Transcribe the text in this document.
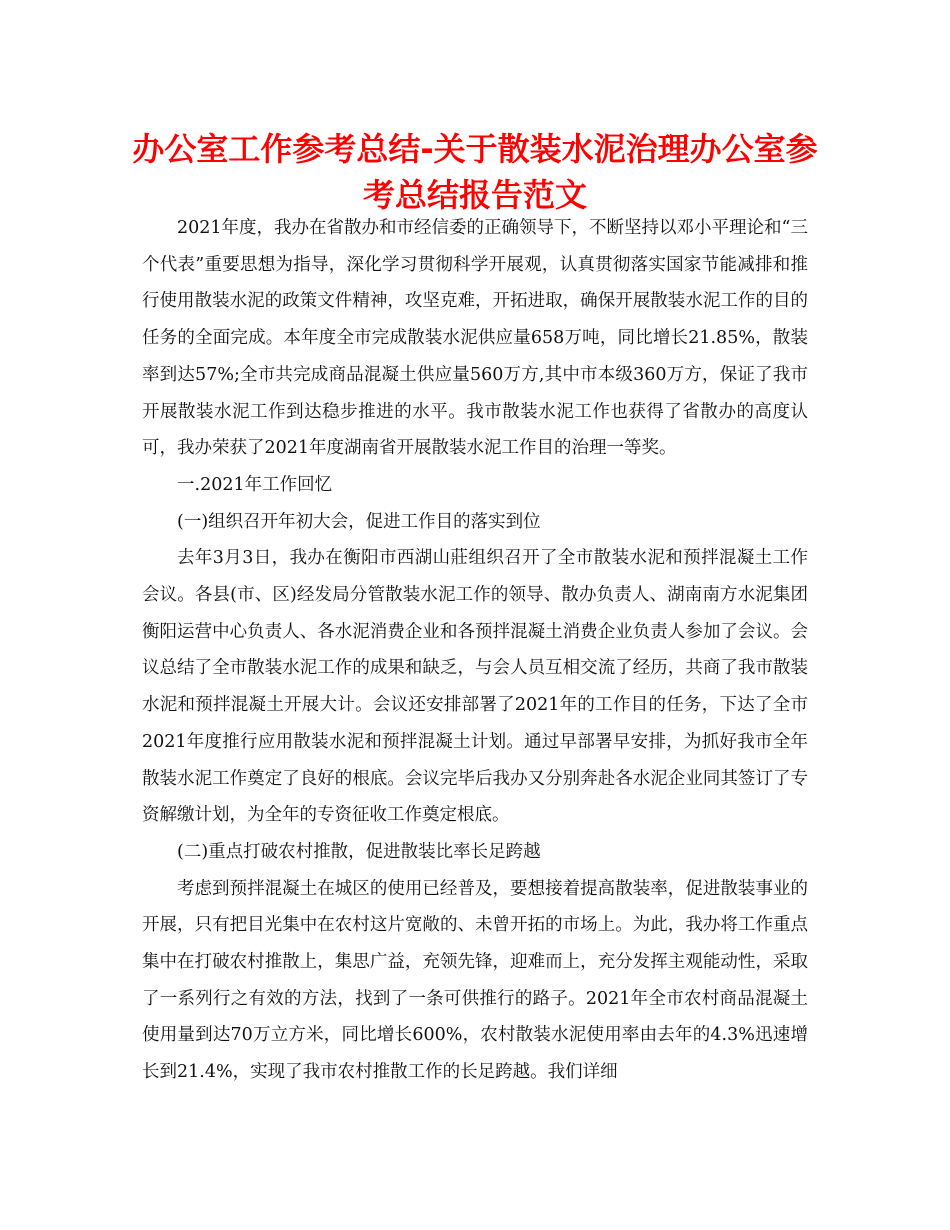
办公室工作参考总结-关于散装水泥治理办公室参考总结报告范文

2021年度，我办在省散办和市经信委的正确领导下，不断坚持以邓小平理论和“三个代表”重要思想为指导，深化学习贯彻科学开展观，认真贯彻落实国家节能减排和推行使用散装水泥的政策文件精神，攻坚克难，开拓进取，确保开展散装水泥工作的目的任务的全面完成。本年度全市完成散装水泥供应量658万吨，同比增长21.85%，散装率到达57%;全市共完成商品混凝土供应量560万方,其中市本级360万方，保证了我市开展散装水泥工作到达稳步推进的水平。我市散装水泥工作也获得了省散办的高度认可，我办荣获了2021年度湖南省开展散装水泥工作目的治理一等奖。

一.2021年工作回忆

(一)组织召开年初大会，促进工作目的落实到位

去年3月3日，我办在衡阳市西湖山莊组织召开了全市散装水泥和预拌混凝土工作会议。各县(市、区)经发局分管散装水泥工作的领导、散办负责人、湖南南方水泥集团衡阳运营中心负责人、各水泥消费企业和各预拌混凝土消费企业负责人参加了会议。会议总结了全市散装水泥工作的成果和缺乏，与会人员互相交流了经历，共商了我市散装水泥和预拌混凝土开展大计。会议还安排部署了2021年的工作目的任务，下达了全市2021年度推行应用散装水泥和预拌混凝土计划。通过早部署早安排，为抓好我市全年散装水泥工作奠定了良好的根底。会议完毕后我办又分别奔赴各水泥企业同其签订了专资解缴计划，为全年的专资征收工作奠定根底。

(二)重点打破农村推散，促进散装比率长足跨越

考虑到预拌混凝土在城区的使用已经普及，要想接着提高散装率，促进散装事业的开展，只有把目光集中在农村这片宽敞的、未曾开拓的市场上。为此，我办将工作重点集中在打破农村推散上，集思广益，充领先锋，迎难而上，充分发挥主观能动性，采取了一系列行之有效的方法，找到了一条可供推行的路子。2021年全市农村商品混凝土使用量到达70万立方米，同比增长600%，农村散装水泥使用率由去年的4.3%迅速增长到21.4%，实现了我市农村推散工作的长足跨越。我们详细
